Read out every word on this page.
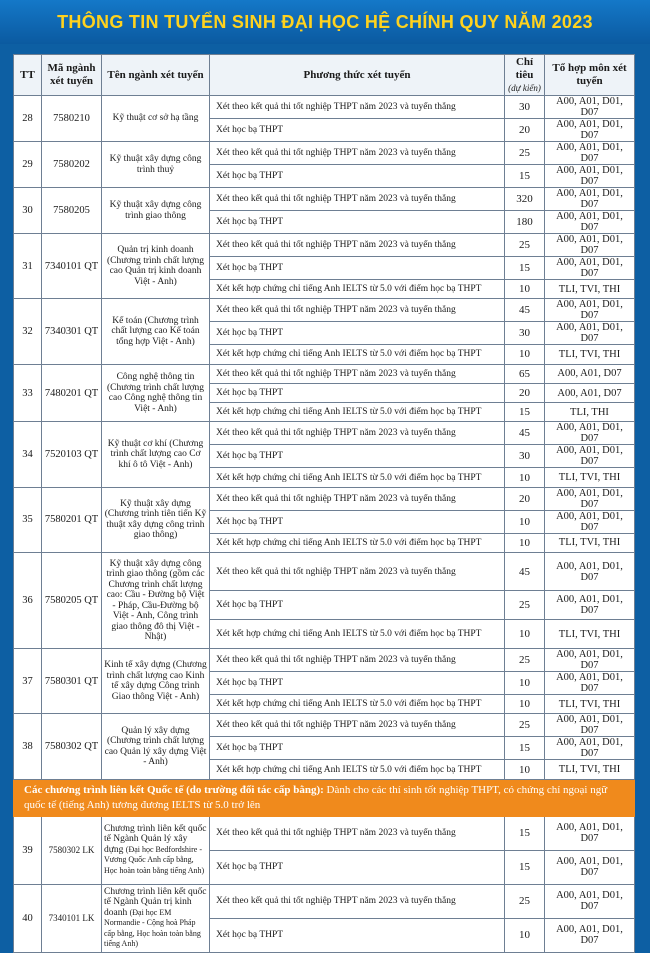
THÔNG TIN TUYỂN SINH ĐẠI HỌC HỆ CHÍNH QUY NĂM 2023
TT	Mã ngành xét tuyển	Tên ngành xét tuyển	Phương thức xét tuyển	Chỉ tiêu
(dự kiến)	Tổ hợp môn xét tuyển
28	7580210	Kỹ thuật cơ sở hạ tầng	Xét theo kết quả thi tốt nghiệp THPT năm 2023 và tuyển thẳng	30	A00, A01, D01, D07
			Xét học bạ THPT	20	A00, A01, D01, D07
29	7580202	Kỹ thuật xây dựng công trình thuỷ	Xét theo kết quả thi tốt nghiệp THPT năm 2023 và tuyển thẳng	25	A00, A01, D01, D07
			Xét học bạ THPT	15	A00, A01, D01, D07
30	7580205	Kỹ thuật xây dựng công trình giao thông	Xét theo kết quả thi tốt nghiệp THPT năm 2023 và tuyển thẳng	320	A00, A01, D01, D07
			Xét học bạ THPT	180	A00, A01, D01, D07
31	7340101 QT	Quản trị kinh doanh (Chương trình chất lượng cao Quản trị kinh doanh Việt - Anh)	Xét theo kết quả thi tốt nghiệp THPT năm 2023 và tuyển thẳng	25	A00, A01, D01, D07
			Xét học bạ THPT	15	A00, A01, D01, D07
			Xét kết hợp chứng chỉ tiếng Anh IELTS từ 5.0 với điểm học bạ THPT	10	TLI, TVI, THI
32	7340301 QT	Kế toán (Chương trình chất lượng cao Kế toán tổng hợp Việt - Anh)	Xét theo kết quả thi tốt nghiệp THPT năm 2023 và tuyển thẳng	45	A00, A01, D01, D07
			Xét học bạ THPT	30	A00, A01, D01, D07
			Xét kết hợp chứng chỉ tiếng Anh IELTS từ 5.0 với điểm học bạ THPT	10	TLI, TVI, THI
33	7480201 QT	Công nghệ thông tin (Chương trình chất lượng cao Công nghệ thông tin Việt - Anh)	Xét theo kết quả thi tốt nghiệp THPT năm 2023 và tuyển thẳng	65	A00, A01, D07
			Xét học bạ THPT	20	A00, A01, D07
			Xét kết hợp chứng chỉ tiếng Anh IELTS từ 5.0 với điểm học bạ THPT	15	TLI, THI
34	7520103 QT	Kỹ thuật cơ khí (Chương trình chất lượng cao Cơ khí ô tô Việt - Anh)	Xét theo kết quả thi tốt nghiệp THPT năm 2023 và tuyển thẳng	45	A00, A01, D01, D07
			Xét học bạ THPT	30	A00, A01, D01, D07
			Xét kết hợp chứng chỉ tiếng Anh IELTS từ 5.0 với điểm học bạ THPT	10	TLI, TVI, THI
35	7580201 QT	Kỹ thuật xây dựng (Chương trình tiên tiến Kỹ thuật xây dựng công trình giao thông)	Xét theo kết quả thi tốt nghiệp THPT năm 2023 và tuyển thẳng	20	A00, A01, D01, D07
			Xét học bạ THPT	10	A00, A01, D01, D07
			Xét kết hợp chứng chỉ tiếng Anh IELTS từ 5.0 với điểm học bạ THPT	10	TLI, TVI, THI
36	7580205 QT	Kỹ thuật xây dựng công trình giao thông (gồm các Chương trình chất lượng cao: Cầu - Đường bộ Việt - Pháp, Cầu-Đường bộ Việt - Anh, Công trình giao thông đô thị Việt - Nhật)	Xét theo kết quả thi tốt nghiệp THPT năm 2023 và tuyển thẳng	45	A00, A01, D01, D07
			Xét học bạ THPT	25	A00, A01, D01, D07
			Xét kết hợp chứng chỉ tiếng Anh IELTS từ 5.0 với điểm học bạ THPT	10	TLI, TVI, THI
37	7580301 QT	Kinh tế xây dựng (Chương trình chất lượng cao Kinh tế xây dựng Công trình Giao thông Việt - Anh)	Xét theo kết quả thi tốt nghiệp THPT năm 2023 và tuyển thẳng	25	A00, A01, D01, D07
			Xét học bạ THPT	10	A00, A01, D01, D07
			Xét kết hợp chứng chỉ tiếng Anh IELTS từ 5.0 với điểm học bạ THPT	10	TLI, TVI, THI
38	7580302 QT	Quản lý xây dựng (Chương trình chất lượng cao Quản lý xây dựng Việt - Anh)	Xét theo kết quả thi tốt nghiệp THPT năm 2023 và tuyển thẳng	25	A00, A01, D01, D07
			Xét học bạ THPT	15	A00, A01, D01, D07
			Xét kết hợp chứng chỉ tiếng Anh IELTS từ 5.0 với điểm học bạ THPT	10	TLI, TVI, THI
Các chương trình liên kết Quốc tế (do trường đối tác cấp bằng): Dành cho các thí sinh tốt nghiệp THPT, có chứng chỉ ngoại ngữ quốc tế (tiếng Anh) tương đương IELTS từ 5.0 trở lên					
39	7580302 LK	Chương trình liên kết quốc tế Ngành Quản lý xây dựng (Đại học Bedfordshire - Vương Quốc Anh cấp bằng, Học hoàn toàn bằng tiếng Anh)	Xét theo kết quả thi tốt nghiệp THPT năm 2023 và tuyển thẳng	15	A00, A01, D01, D07
			Xét học bạ THPT	15	A00, A01, D01, D07
40	7340101 LK	Chương trình liên kết quốc tế Ngành Quản trị kinh doanh (Đại học EM Normandie - Cộng hoà Pháp cấp bằng, Học hoàn toàn bằng tiếng Anh)	Xét theo kết quả thi tốt nghiệp THPT năm 2023 và tuyển thẳng	25	A00, A01, D01, D07
			Xét học bạ THPT	10	A00, A01, D01, D07
